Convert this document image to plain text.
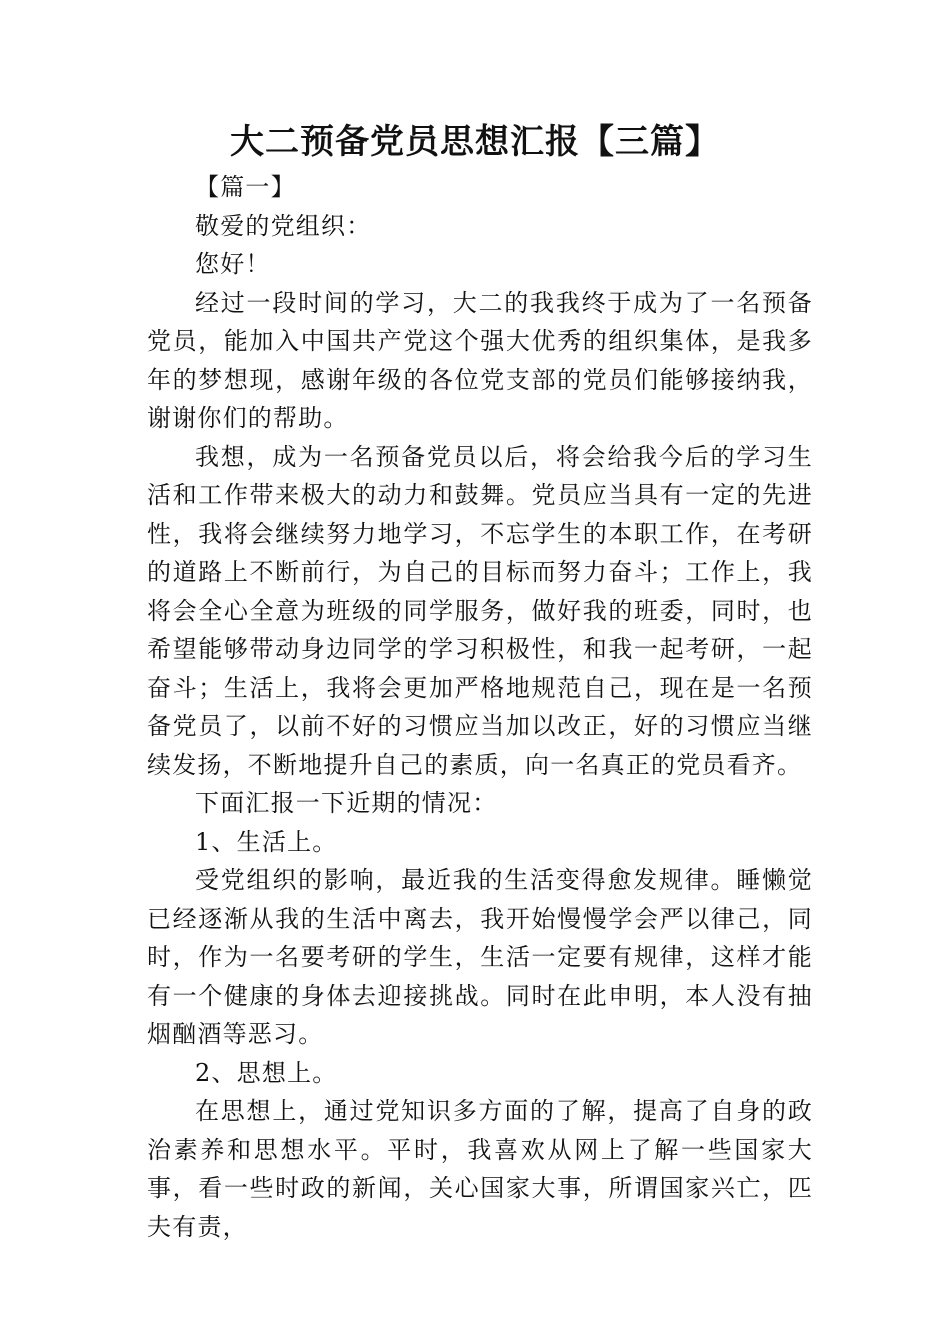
大二预备党员思想汇报【三篇】

【篇一】

敬爱的党组织：

您好！

经过一段时间的学习，大二的我我终于成为了一名预备党员，能加入中国共产党这个强大优秀的组织集体，是我多年的梦想现，感谢年级的各位党支部的党员们能够接纳我，谢谢你们的帮助。

我想，成为一名预备党员以后，将会给我今后的学习生活和工作带来极大的动力和鼓舞。党员应当具有一定的先进性，我将会继续努力地学习，不忘学生的本职工作，在考研的道路上不断前行，为自己的目标而努力奋斗；工作上，我将会全心全意为班级的同学服务，做好我的班委，同时，也希望能够带动身边同学的学习积极性，和我一起考研，一起奋斗；生活上，我将会更加严格地规范自己，现在是一名预备党员了，以前不好的习惯应当加以改正，好的习惯应当继续发扬，不断地提升自己的素质，向一名真正的党员看齐。

下面汇报一下近期的情况：

1、生活上。

受党组织的影响，最近我的生活变得愈发规律。睡懒觉已经逐渐从我的生活中离去，我开始慢慢学会严以律己，同时，作为一名要考研的学生，生活一定要有规律，这样才能有一个健康的身体去迎接挑战。同时在此申明，本人没有抽烟酗酒等恶习。

2、思想上。

在思想上，通过党知识多方面的了解，提高了自身的政治素养和思想水平。平时，我喜欢从网上了解一些国家大事，看一些时政的新闻，关心国家大事，所谓国家兴亡，匹夫有责，
